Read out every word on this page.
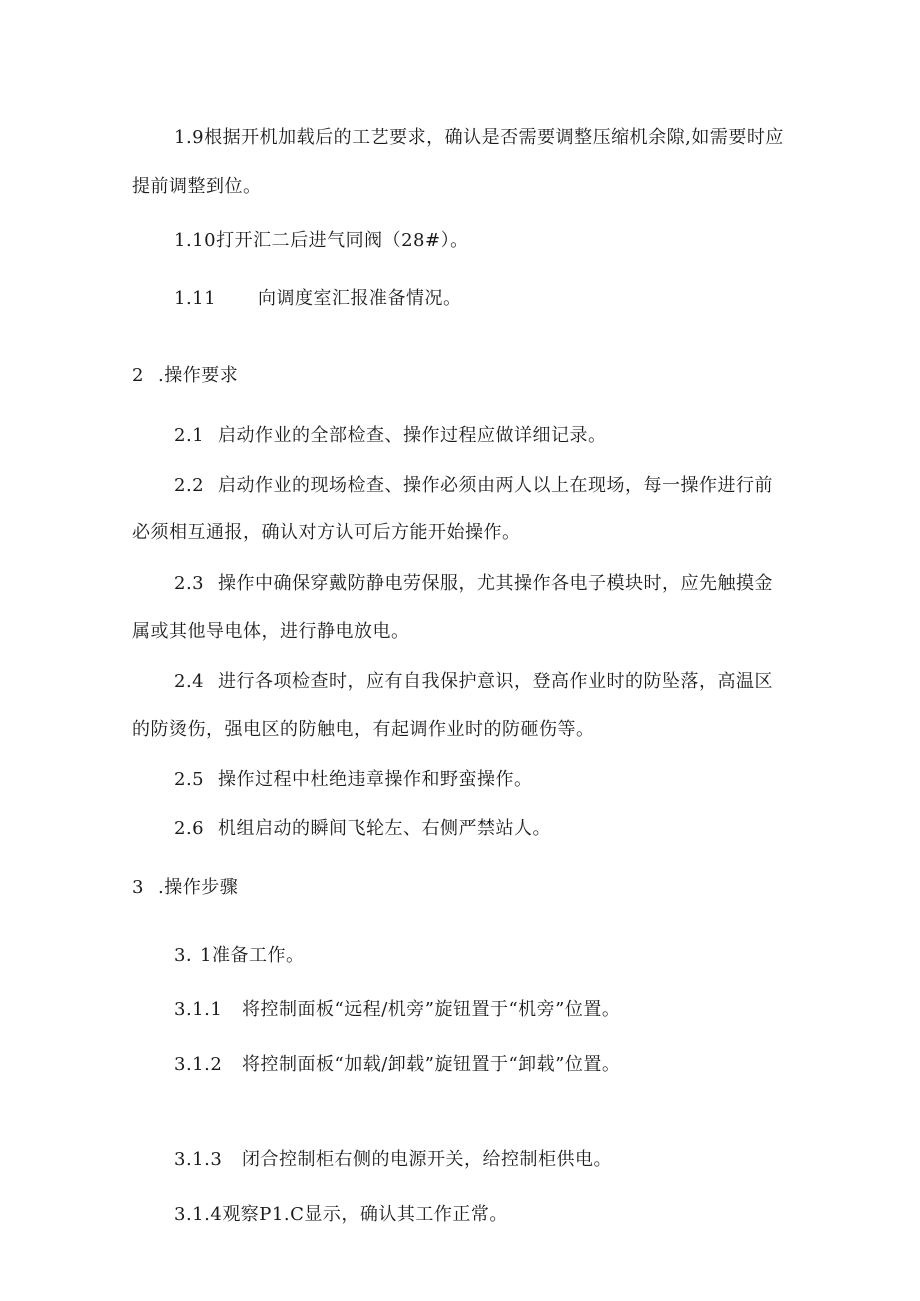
1.9根据开机加载后的工艺要求，确认是否需要调整压缩机余隙,如需要时应
提前调整到位。
1.10打开汇二后进气同阀（28#）。
1.11 向调度室汇报准备情况。
2 .操作要求
2.1 启动作业的全部检查、操作过程应做详细记录。
2.2 启动作业的现场检查、操作必须由两人以上在现场，每一操作进行前
必须相互通报，确认对方认可后方能开始操作。
2.3 操作中确保穿戴防静电劳保服，尤其操作各电子模块时，应先触摸金
属或其他导电体，进行静电放电。
2.4 进行各项检查时，应有自我保护意识，登高作业时的防坠落，高温区
的防烫伤，强电区的防触电，有起调作业时的防砸伤等。
2.5 操作过程中杜绝违章操作和野蛮操作。
2.6 机组启动的瞬间飞轮左、右侧严禁站人。
3 .操作步骤
3．1准备工作。
3.1.1 将控制面板“远程/机旁”旋钮置于“机旁”位置。
3.1.2 将控制面板“加载/卸载”旋钮置于“卸载”位置。
3.1.3 闭合控制柜右侧的电源开关，给控制柜供电。
3.1.4观察P1.C显示，确认其工作正常。
